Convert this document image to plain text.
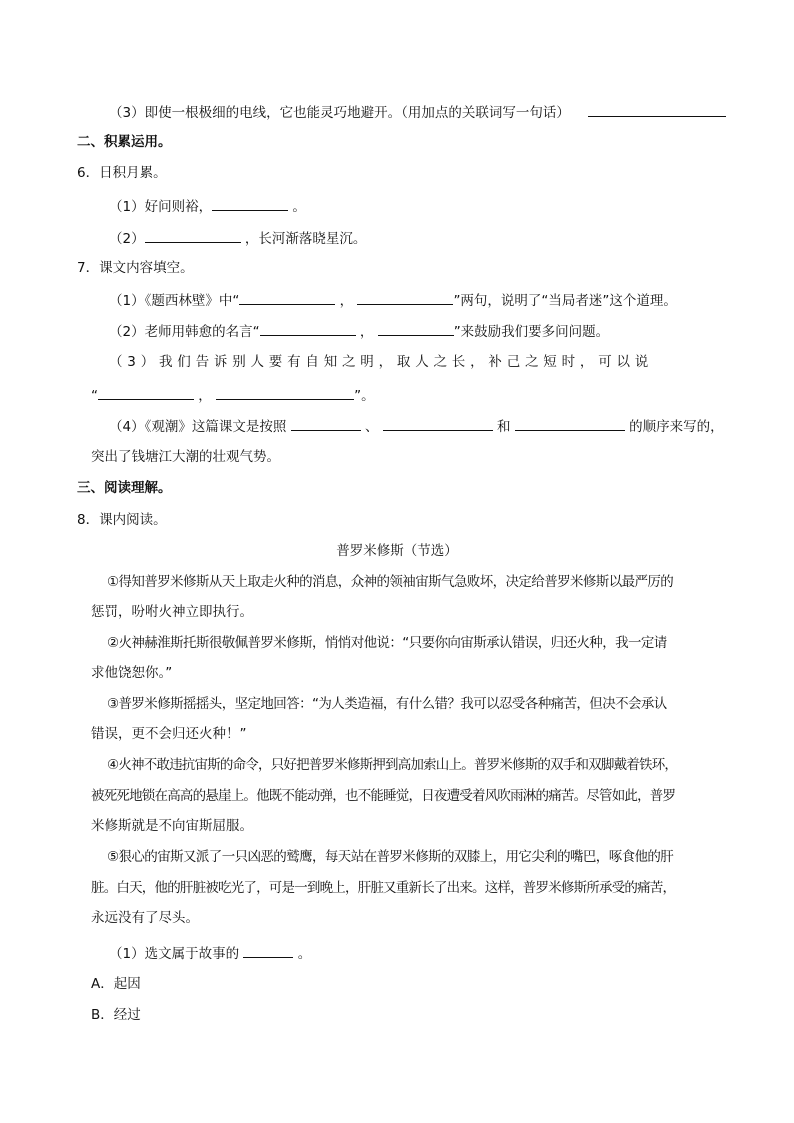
（3）即使一根极细的电线，它也能灵巧地避开。（用加点的关联词写一句话）
二、积累运用。
6．日积月累。
（1）好问则裕，	。
（2）	，长河渐落晓星沉。
7．课文内容填空。
（1）《题西林壁》中“	，	”两句，说明了“当局者迷”这个道理。
（2）老师用韩愈的名言“	，	”来鼓励我们要多问问题。
（3）我们告诉别人要有自知之明，取人之长，补己之短时，可以说
“	，	”。
（4）《观潮》这篇课文是按照	、	和	的顺序来写的，
突出了钱塘江大潮的壮观气势。
三、阅读理解。
8．课内阅读。
普罗米修斯（节选）
①得知普罗米修斯从天上取走火种的消息，众神的领袖宙斯气急败坏，决定给普罗米修斯以最严厉的
惩罚，吩咐火神立即执行。
②火神赫淮斯托斯很敬佩普罗米修斯，悄悄对他说：“只要你向宙斯承认错误，归还火种，我一定请
求他饶恕你。”
③普罗米修斯摇摇头，坚定地回答：“为人类造福，有什么错？我可以忍受各种痛苦，但决不会承认
错误，更不会归还火种！”
④火神不敢违抗宙斯的命令，只好把普罗米修斯押到高加索山上。普罗米修斯的双手和双脚戴着铁环，
被死死地锁在高高的悬崖上。他既不能动弹，也不能睡觉，日夜遭受着风吹雨淋的痛苦。尽管如此，普罗
米修斯就是不向宙斯屈服。
⑤狠心的宙斯又派了一只凶恶的鹫鹰，每天站在普罗米修斯的双膝上，用它尖利的嘴巴，啄食他的肝
脏。白天，他的肝脏被吃光了，可是一到晚上，肝脏又重新长了出来。这样，普罗米修斯所承受的痛苦，
永远没有了尽头。
（1）选文属于故事的	。
A．起因
B．经过
